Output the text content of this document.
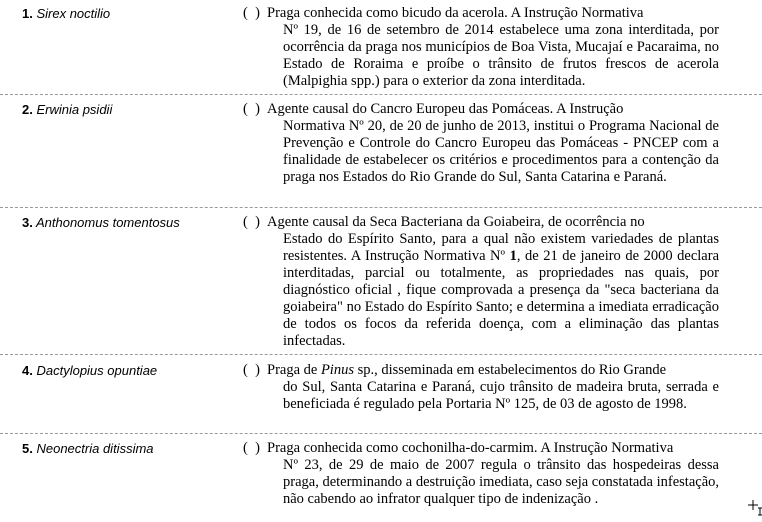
1. Sirex noctilio	(  ) Praga conhecida como bicudo da acerola. A Instrução Normativa
Nº 19, de 16 de setembro de 2014 estabelece uma zona interditada, por ocorrência da praga nos municípios de Boa Vista, Mucajaí e Pacaraima, no Estado de Roraima e proíbe o trânsito de frutos frescos de acerola (Malpighia spp.) para o exterior da zona interditada.
2. Erwinia psidii	(  ) Agente causal do Cancro Europeu das Pomáceas. A Instrução
Normativa Nº 20, de 20 de junho de 2013, institui o Programa Nacional de Prevenção e Controle do Cancro Europeu das Pomáceas - PNCEP com a finalidade de estabelecer os critérios e procedimentos para a contenção da praga nos Estados do Rio Grande do Sul, Santa Catarina e Paraná.
3. Anthonomus tomentosus	(  ) Agente causal da Seca Bacteriana da Goiabeira, de ocorrência no
Estado do Espírito Santo, para a qual não existem variedades de plantas resistentes. A Instrução Normativa Nº 1, de 21 de janeiro de 2000 declara interditadas, parcial ou totalmente, as propriedades nas quais, por diagnóstico oficial , fique comprovada a presença da "seca bacteriana da goiabeira" no Estado do Espírito Santo; e determina a imediata erradicação de todos os focos da referida doença, com a eliminação das plantas infectadas.
4. Dactylopius opuntiae	(  ) Praga de Pinus sp., disseminada em estabelecimentos do Rio Grande
do Sul, Santa Catarina e Paraná, cujo trânsito de madeira bruta, serrada e beneficiada é regulado pela Portaria Nº 125, de 03 de agosto de 1998.
5. Neonectria ditissima	(  ) Praga conhecida como cochonilha-do-carmim. A Instrução Normativa
Nº 23, de 29 de maio de 2007 regula o trânsito das hospedeiras dessa praga, determinando a destruição imediata, caso seja constatada infestação, não cabendo ao infrator qualquer tipo de indenização .
